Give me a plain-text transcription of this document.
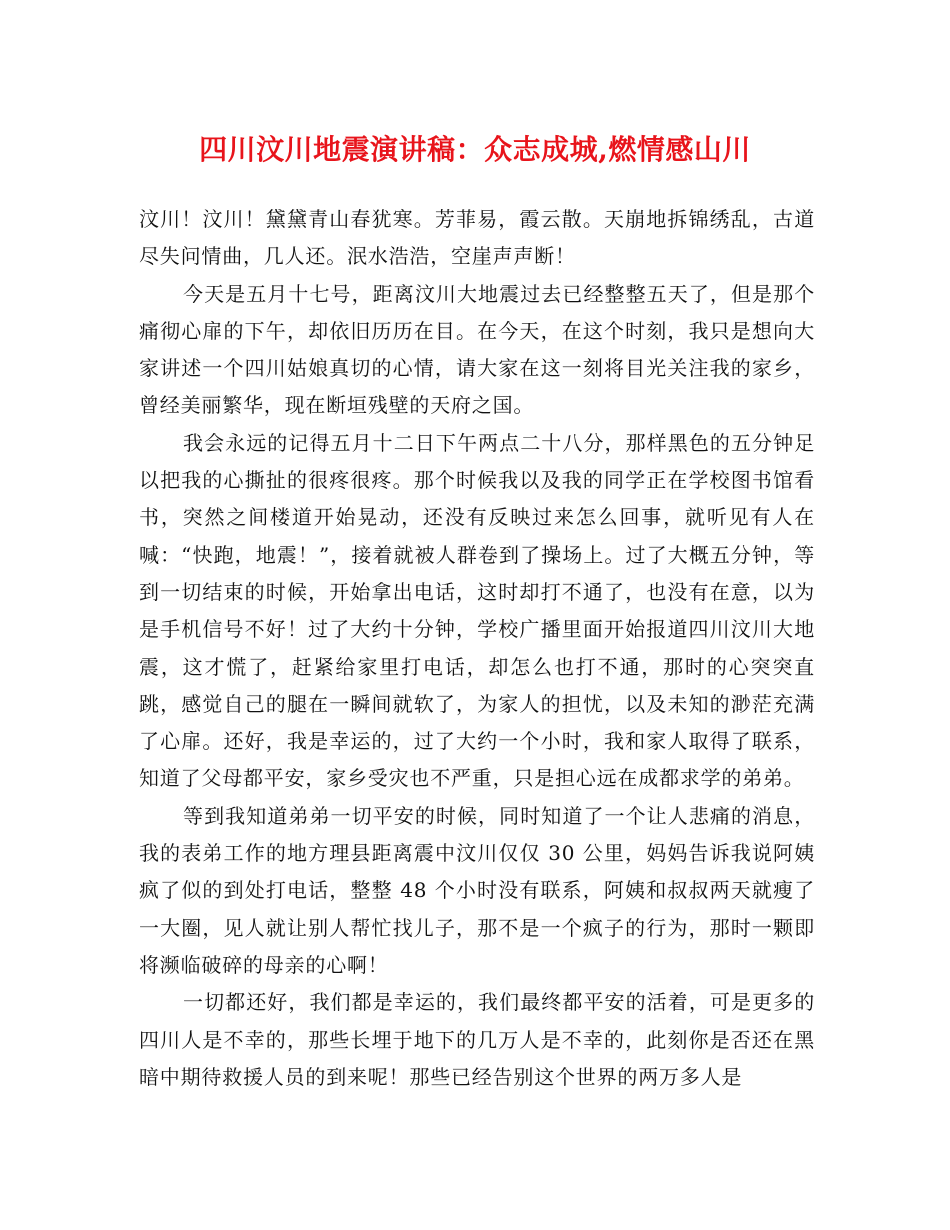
四川汶川地震演讲稿：众志成城,燃情感山川

汶川！汶川！黛黛青山春犹寒。芳菲易，霞云散。天崩地拆锦绣乱，古道尽失问情曲，几人还。泯水浩浩，空崖声声断！

今天是五月十七号，距离汶川大地震过去已经整整五天了，但是那个痛彻心扉的下午，却依旧历历在目。在今天，在这个时刻，我只是想向大家讲述一个四川姑娘真切的心情，请大家在这一刻将目光关注我的家乡，曾经美丽繁华，现在断垣残壁的天府之国。

我会永远的记得五月十二日下午两点二十八分，那样黑色的五分钟足以把我的心撕扯的很疼很疼。那个时候我以及我的同学正在学校图书馆看书，突然之间楼道开始晃动，还没有反映过来怎么回事，就听见有人在喊：“快跑，地震！”，接着就被人群卷到了操场上。过了大概五分钟，等到一切结束的时候，开始拿出电话，这时却打不通了，也没有在意，以为是手机信号不好！过了大约十分钟，学校广播里面开始报道四川汶川大地震，这才慌了，赶紧给家里打电话，却怎么也打不通，那时的心突突直跳，感觉自己的腿在一瞬间就软了，为家人的担忧，以及未知的渺茫充满了心扉。还好，我是幸运的，过了大约一个小时，我和家人取得了联系，知道了父母都平安，家乡受灾也不严重，只是担心远在成都求学的弟弟。

等到我知道弟弟一切平安的时候，同时知道了一个让人悲痛的消息，我的表弟工作的地方理县距离震中汶川仅仅 30 公里，妈妈告诉我说阿姨疯了似的到处打电话，整整 48 个小时没有联系，阿姨和叔叔两天就瘦了一大圈，见人就让别人帮忙找儿子，那不是一个疯子的行为，那时一颗即将濒临破碎的母亲的心啊！

一切都还好，我们都是幸运的，我们最终都平安的活着，可是更多的四川人是不幸的，那些长埋于地下的几万人是不幸的，此刻你是否还在黑暗中期待救援人员的到来呢！那些已经告别这个世界的两万多人是
